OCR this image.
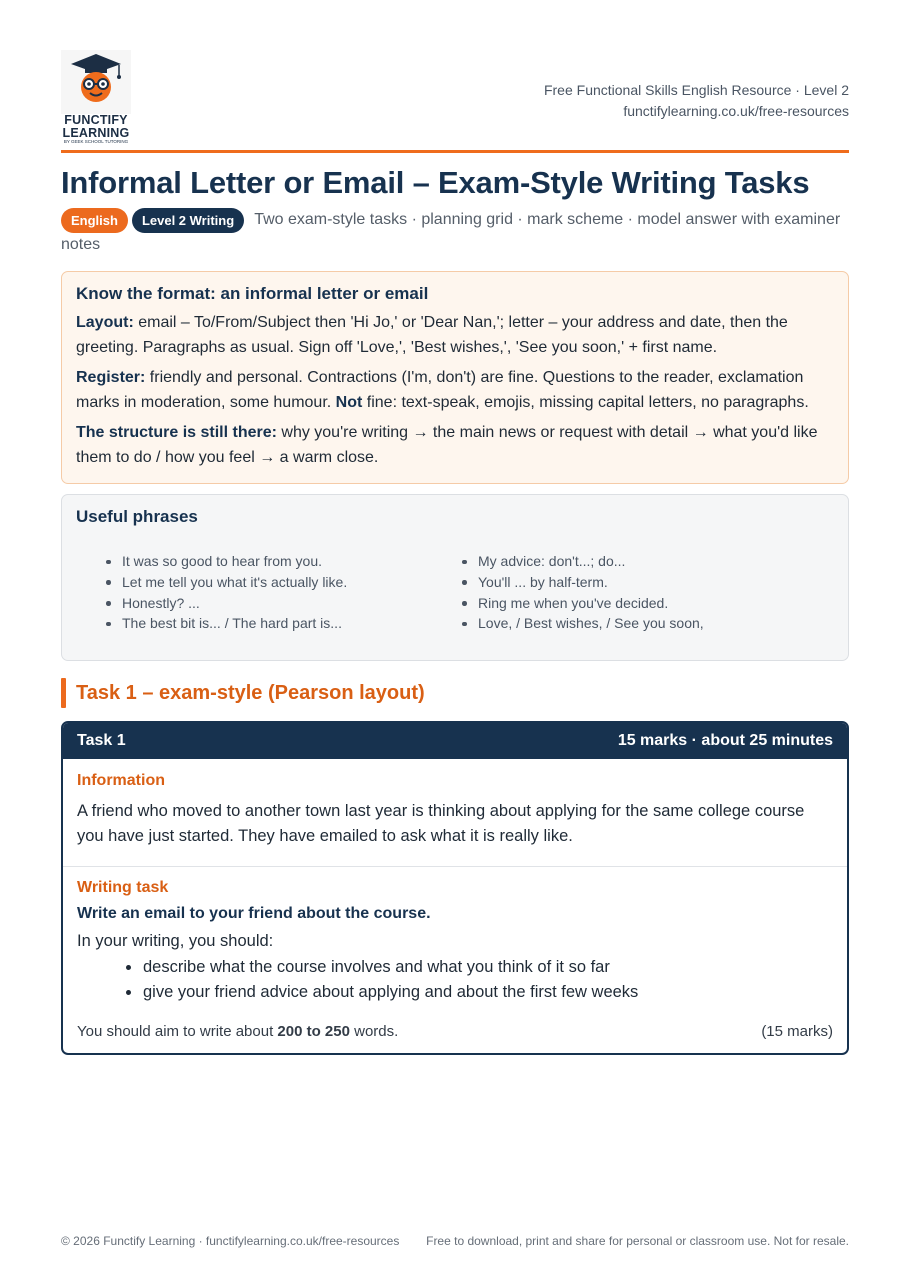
FUNCTIFY
LEARNING
BY GEEK SCHOOL TUTORING
Free Functional Skills English Resource · Level 2
functifylearning.co.uk/free-resources
Informal Letter or Email – Exam-Style Writing Tasks
English Level 2 Writing Two exam-style tasks · planning grid · mark scheme · model answer with examiner notes
Know the format: an informal letter or email

Layout: email – To/From/Subject then 'Hi Jo,' or 'Dear Nan,'; letter – your address and date, then the greeting. Paragraphs as usual. Sign off 'Love,', 'Best wishes,', 'See you soon,' + first name.

Register: friendly and personal. Contractions (I'm, don't) are fine. Questions to the reader, exclamation marks in moderation, some humour. Not fine: text-speak, emojis, missing capital letters, no paragraphs.

The structure is still there: why you're writing → the main news or request with detail → what you'd like them to do / how you feel → a warm close.

Useful phrases
It was so good to hear from you.
Let me tell you what it's actually like.
Honestly? ...
The best bit is... / The hard part is...
My advice: don't...; do...
You'll ... by half-term.
Ring me when you've decided.
Love, / Best wishes, / See you soon,
Task 1 – exam-style (Pearson layout)
Task 1	15 marks · about 25 minutes
Information

A friend who moved to another town last year is thinking about applying for the same college course you have just started. They have emailed to ask what it is really like.

Writing task
Write an email to your friend about the course.
In your writing, you should:
describe what the course involves and what you think of it so far
give your friend advice about applying and about the first few weeks
You should aim to write about 200 to 250 words.	(15 marks)
© 2026 Functify Learning · functifylearning.co.uk/free-resources	Free to download, print and share for personal or classroom use. Not for resale.
